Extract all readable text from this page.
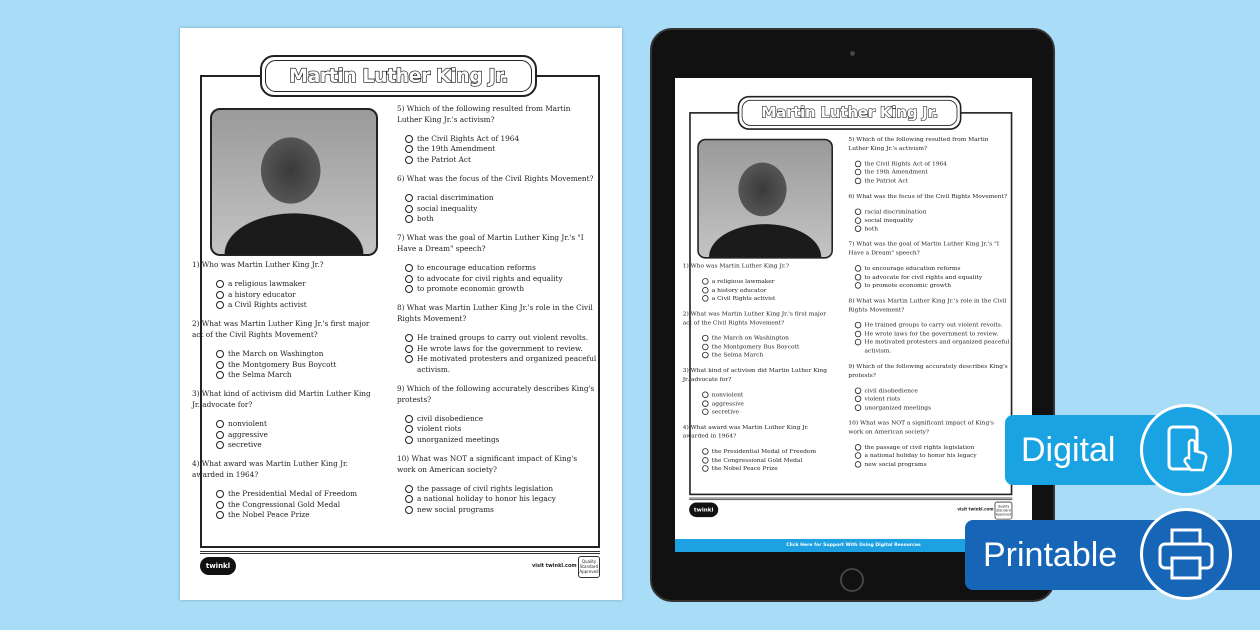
Martin Luther King Jr.
1) Who was Martin Luther King Jr.?
a religious lawmaker
a history educator
a Civil Rights activist
2) What was Martin Luther King Jr.'s first major act of the Civil Rights Movement?
the March on Washington
the Montgomery Bus Boycott
the Selma March
3) What kind of activism did Martin Luther King Jr. advocate for?
nonviolent
aggressive
secretive
4) What award was Martin Luther King Jr. awarded in 1964?
the Presidential Medal of Freedom
the Congressional Gold Medal
the Nobel Peace Prize
5) Which of the following resulted from Martin Luther King Jr.'s activism?
the Civil Rights Act of 1964
the 19th Amendment
the Patriot Act
6) What was the focus of the Civil Rights Movement?
racial discrimination
social inequality
both
7) What was the goal of Martin Luther King Jr.'s "I Have a Dream" speech?
to encourage education reforms
to advocate for civil rights and equality
to promote economic growth
8) What was Martin Luther King Jr.'s role in the Civil Rights Movement?
He trained groups to carry out violent revolts.
He wrote laws for the government to review.
He motivated protesters and organized peaceful activism.
9) Which of the following accurately describes King's protests?
civil disobedience
violent riots
unorganized meetings
10) What was NOT a significant impact of King's work on American society?
the passage of civil rights legislation
a national holiday to honor his legacy
new social programs
twinkl	visit twinkl.com
Quality Standard Approved
Martin Luther King Jr.
1) Who was Martin Luther King Jr.?
a religious lawmaker
a history educator
a Civil Rights activist
2) What was Martin Luther King Jr.'s first major act of the Civil Rights Movement?
the March on Washington
the Montgomery Bus Boycott
the Selma March
3) What kind of activism did Martin Luther King Jr. advocate for?
nonviolent
aggressive
secretive
4) What award was Martin Luther King Jr. awarded in 1964?
the Presidential Medal of Freedom
the Congressional Gold Medal
the Nobel Peace Prize
5) Which of the following resulted from Martin Luther King Jr.'s activism?
the Civil Rights Act of 1964
the 19th Amendment
the Patriot Act
6) What was the focus of the Civil Rights Movement?
racial discrimination
social inequality
both
7) What was the goal of Martin Luther King Jr.'s "I Have a Dream" speech?
to encourage education reforms
to advocate for civil rights and equality
to promote economic growth
8) What was Martin Luther King Jr.'s role in the Civil Rights Movement?
He trained groups to carry out violent revolts.
He wrote laws for the government to review.
He motivated protesters and organized peaceful activism.
9) Which of the following accurately describes King's protests?
civil disobedience
violent riots
unorganized meetings
10) What was NOT a significant impact of King's work on American society?
the passage of civil rights legislation
a national holiday to honor his legacy
new social programs
twinkl	visit twinkl.com
Quality Standard Approved
Click Here for Support With Using Digital Resources
Digital
Printable
